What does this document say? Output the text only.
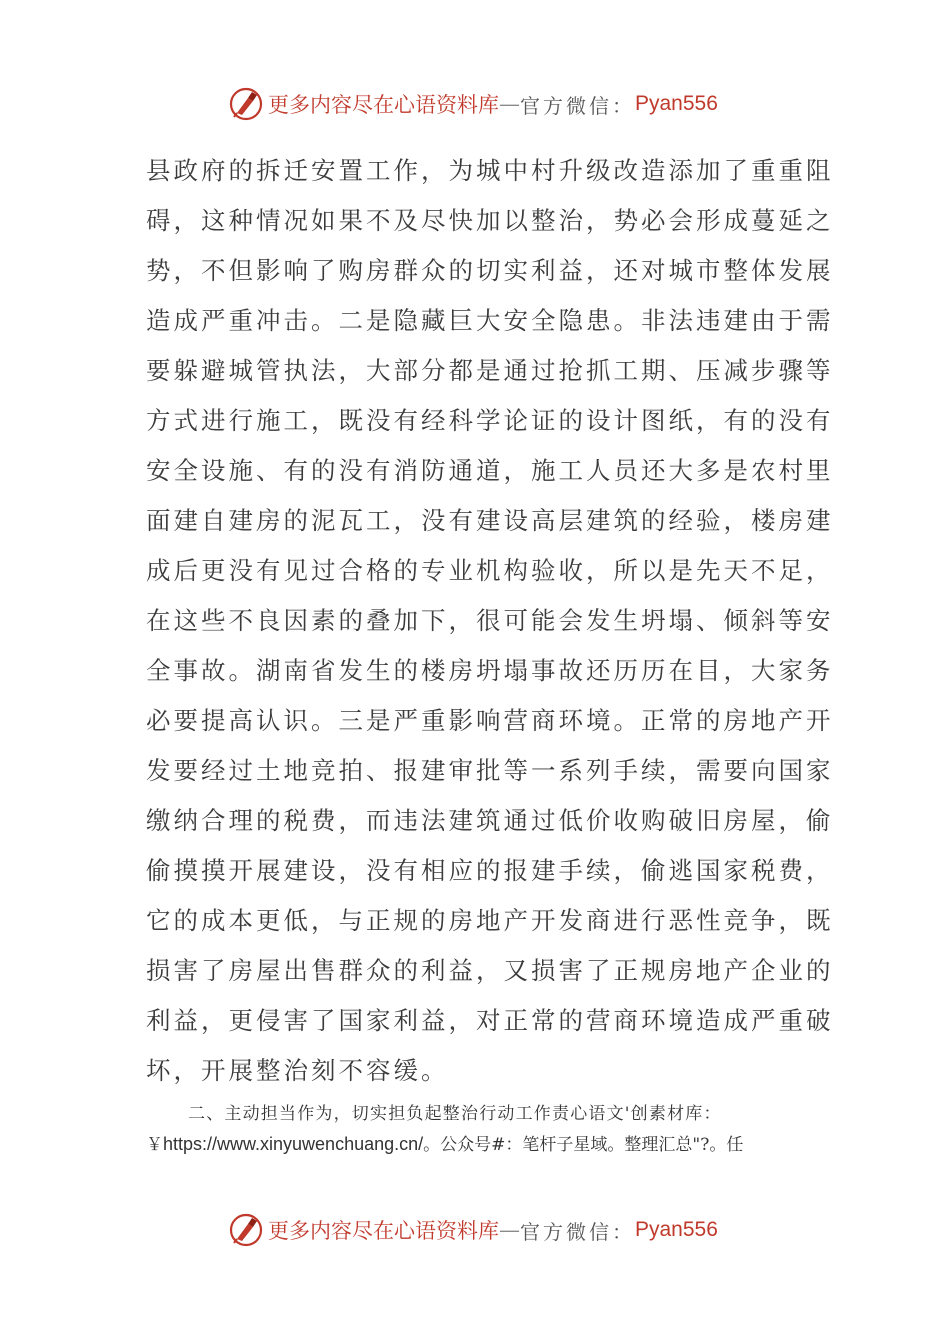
更多内容尽在心语资料库 — 官方微信： Pyan556
县政府的拆迁安置工作，为城中村升级改造添加了重重阻
碍，这种情况如果不及尽快加以整治，势必会形成蔓延之
势，不但影响了购房群众的切实利益，还对城市整体发展
造成严重冲击。二是隐藏巨大安全隐患。非法违建由于需
要躲避城管执法，大部分都是通过抢抓工期、压减步骤等
方式进行施工，既没有经科学论证的设计图纸，有的没有
安全设施、有的没有消防通道，施工人员还大多是农村里
面建自建房的泥瓦工，没有建设高层建筑的经验，楼房建
成后更没有见过合格的专业机构验收，所以是先天不足，
在这些不良因素的叠加下，很可能会发生坍塌、倾斜等安
全事故。湖南省发生的楼房坍塌事故还历历在目，大家务
必要提高认识。三是严重影响营商环境。正常的房地产开
发要经过土地竞拍、报建审批等一系列手续，需要向国家
缴纳合理的税费，而违法建筑通过低价收购破旧房屋，偷
偷摸摸开展建设，没有相应的报建手续，偷逃国家税费，
它的成本更低，与正规的房地产开发商进行恶性竞争，既
损害了房屋出售群众的利益，又损害了正规房地产企业的
利益，更侵害了国家利益，对正常的营商环境造成严重破
坏，开展整治刻不容缓。
二、主动担当作为，切实担负起整治行动工作责心语文'创素材库：
￥https://www.xinyuwenchuang.cn/。公众号#：笔杆子星域。整理汇总"?。任
更多内容尽在心语资料库 — 官方微信： Pyan556
